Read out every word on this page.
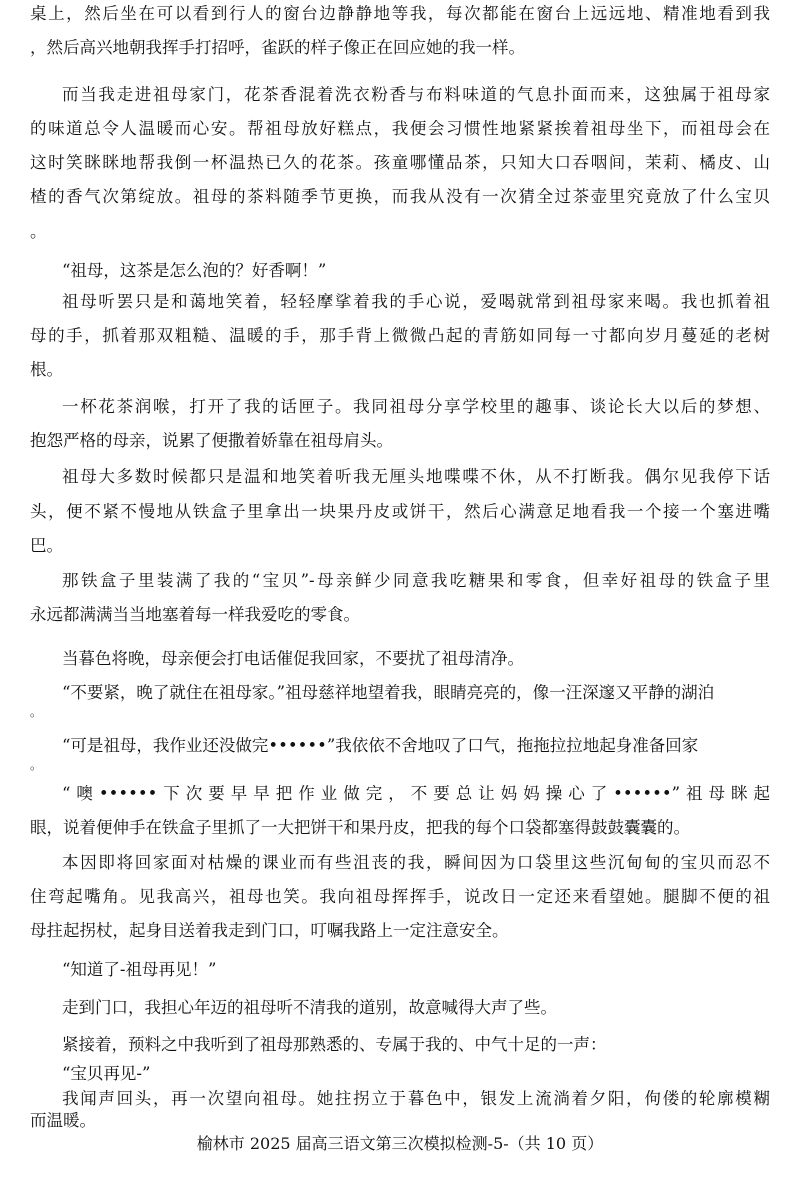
桌上，然后坐在可以看到行人的窗台边静静地等我，每次都能在窗台上远远地、精准地看到我
，然后高兴地朝我挥手打招呼，雀跃的样子像正在回应她的我一样。
而当我走进祖母家门，花茶香混着洗衣粉香与布料味道的气息扑面而来，这独属于祖母家
的味道总令人温暖而心安。帮祖母放好糕点，我便会习惯性地紧紧挨着祖母坐下，而祖母会在
这时笑眯眯地帮我倒一杯温热已久的花茶。孩童哪懂品茶，只知大口吞咽间，茉莉、橘皮、山
楂的香气次第绽放。祖母的茶料随季节更换，而我从没有一次猜全过茶壶里究竟放了什么宝贝
。
“祖母，这茶是怎么泡的？好香啊！”
祖母听罢只是和蔼地笑着，轻轻摩挲着我的手心说，爱喝就常到祖母家来喝。我也抓着祖
母的手，抓着那双粗糙、温暖的手，那手背上微微凸起的青筋如同每一寸都向岁月蔓延的老树
根。
一杯花茶润喉，打开了我的话匣子。我同祖母分享学校里的趣事、谈论长大以后的梦想、
抱怨严格的母亲，说累了便撒着娇靠在祖母肩头。
祖母大多数时候都只是温和地笑着听我无厘头地喋喋不休，从不打断我。偶尔见我停下话
头，便不紧不慢地从铁盒子里拿出一块果丹皮或饼干，然后心满意足地看我一个接一个塞进嘴
巴。
那铁盒子里装满了我的“宝贝”-母亲鲜少同意我吃糖果和零食，但幸好祖母的铁盒子里
永远都满满当当地塞着每一样我爱吃的零食。
当暮色将晚，母亲便会打电话催促我回家，不要扰了祖母清净。
“不要紧，晚了就住在祖母家。”祖母慈祥地望着我，眼睛亮亮的，像一汪深邃又平静的湖泊
。
“可是祖母，我作业还没做完••••••”我依依不舍地叹了口气，拖拖拉拉地起身准备回家
。
“噢••••••下次要早早把作业做完，不要总让妈妈操心了••••••”祖母眯起
眼，说着便伸手在铁盒子里抓了一大把饼干和果丹皮，把我的每个口袋都塞得鼓鼓囊囊的。
本因即将回家面对枯燥的课业而有些沮丧的我，瞬间因为口袋里这些沉甸甸的宝贝而忍不
住弯起嘴角。见我高兴，祖母也笑。我向祖母挥挥手，说改日一定还来看望她。腿脚不便的祖
母拄起拐杖，起身目送着我走到门口，叮嘱我路上一定注意安全。
“知道了-祖母再见！”
走到门口，我担心年迈的祖母听不清我的道别，故意喊得大声了些。
紧接着，预料之中我听到了祖母那熟悉的、专属于我的、中气十足的一声：
“宝贝再见-”
我闻声回头，再一次望向祖母。她拄拐立于暮色中，银发上流淌着夕阳，佝偻的轮廓模糊
而温暖。
榆林市 2025 届高三语文第三次模拟检测-5-（共 10 页）
